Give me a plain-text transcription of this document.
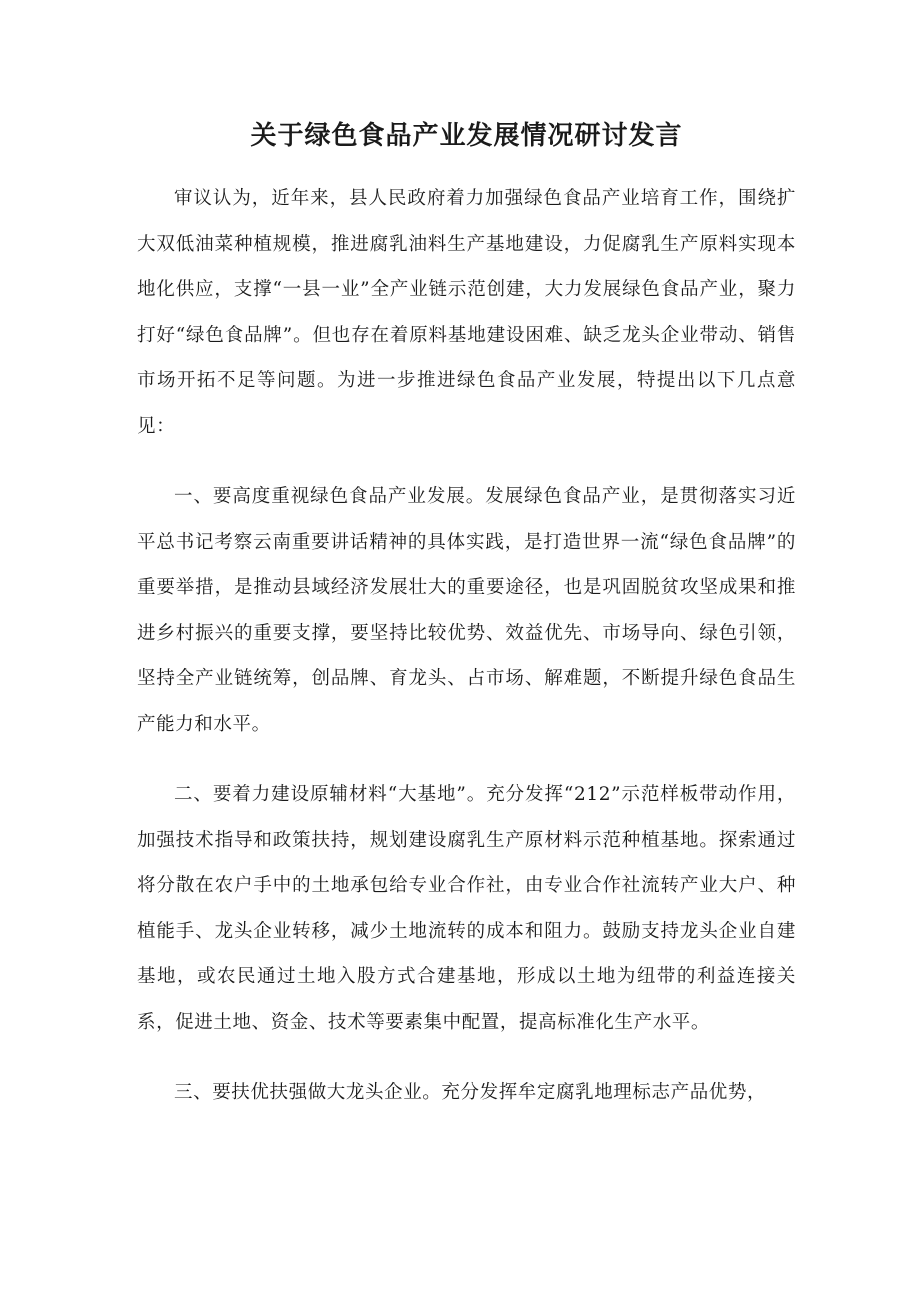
关于绿色食品产业发展情况研讨发言

审议认为，近年来，县人民政府着力加强绿色食品产业培育工作，围绕扩大双低油菜种植规模，推进腐乳油料生产基地建设，力促腐乳生产原料实现本地化供应，支撑“一县一业”全产业链示范创建，大力发展绿色食品产业，聚力打好“绿色食品牌”。但也存在着原料基地建设困难、缺乏龙头企业带动、销售市场开拓不足等问题。为进一步推进绿色食品产业发展，特提出以下几点意见：

一、要高度重视绿色食品产业发展。发展绿色食品产业，是贯彻落实习近平总书记考察云南重要讲话精神的具体实践，是打造世界一流“绿色食品牌”的重要举措，是推动县域经济发展壮大的重要途径，也是巩固脱贫攻坚成果和推进乡村振兴的重要支撑，要坚持比较优势、效益优先、市场导向、绿色引领，坚持全产业链统筹，创品牌、育龙头、占市场、解难题，不断提升绿色食品生产能力和水平。

二、要着力建设原辅材料“大基地”。充分发挥“212”示范样板带动作用，加强技术指导和政策扶持，规划建设腐乳生产原材料示范种植基地。探索通过将分散在农户手中的土地承包给专业合作社，由专业合作社流转产业大户、种植能手、龙头企业转移，减少土地流转的成本和阻力。鼓励支持龙头企业自建基地，或农民通过土地入股方式合建基地，形成以土地为纽带的利益连接关系，促进土地、资金、技术等要素集中配置，提高标准化生产水平。

三、要扶优扶强做大龙头企业。充分发挥牟定腐乳地理标志产品优势，
